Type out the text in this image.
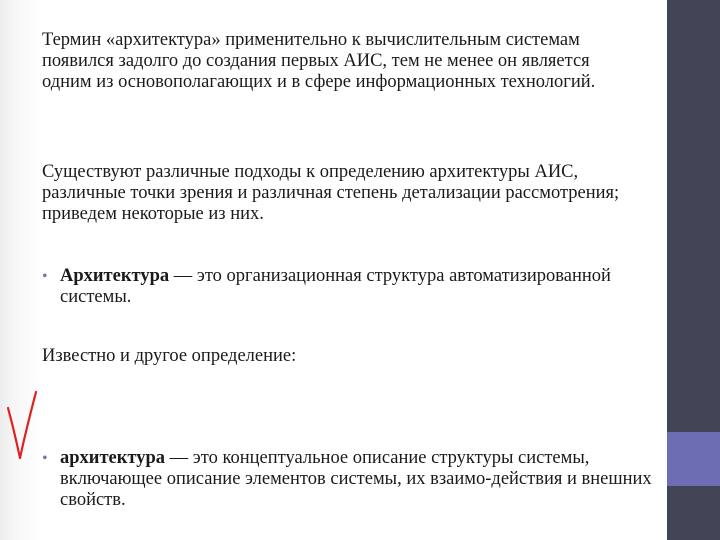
Термин «архитектура» применительно к вычислительным системам появился задолго до создания первых АИС, тем не менее он является одним из основополагающих и в сфере информационных технологий.

Существуют различные подходы к определению архитектуры АИС, различные точки зрения и различная степень детализации рассмотрения; приведем некоторые из них.

• Архитектура — это организационная структура автоматизированной системы.

Известно и другое определение:

• архитектура — это концептуальное описание структуры системы, включающее описание элементов системы, их взаимо-действия и внешних свойств.
